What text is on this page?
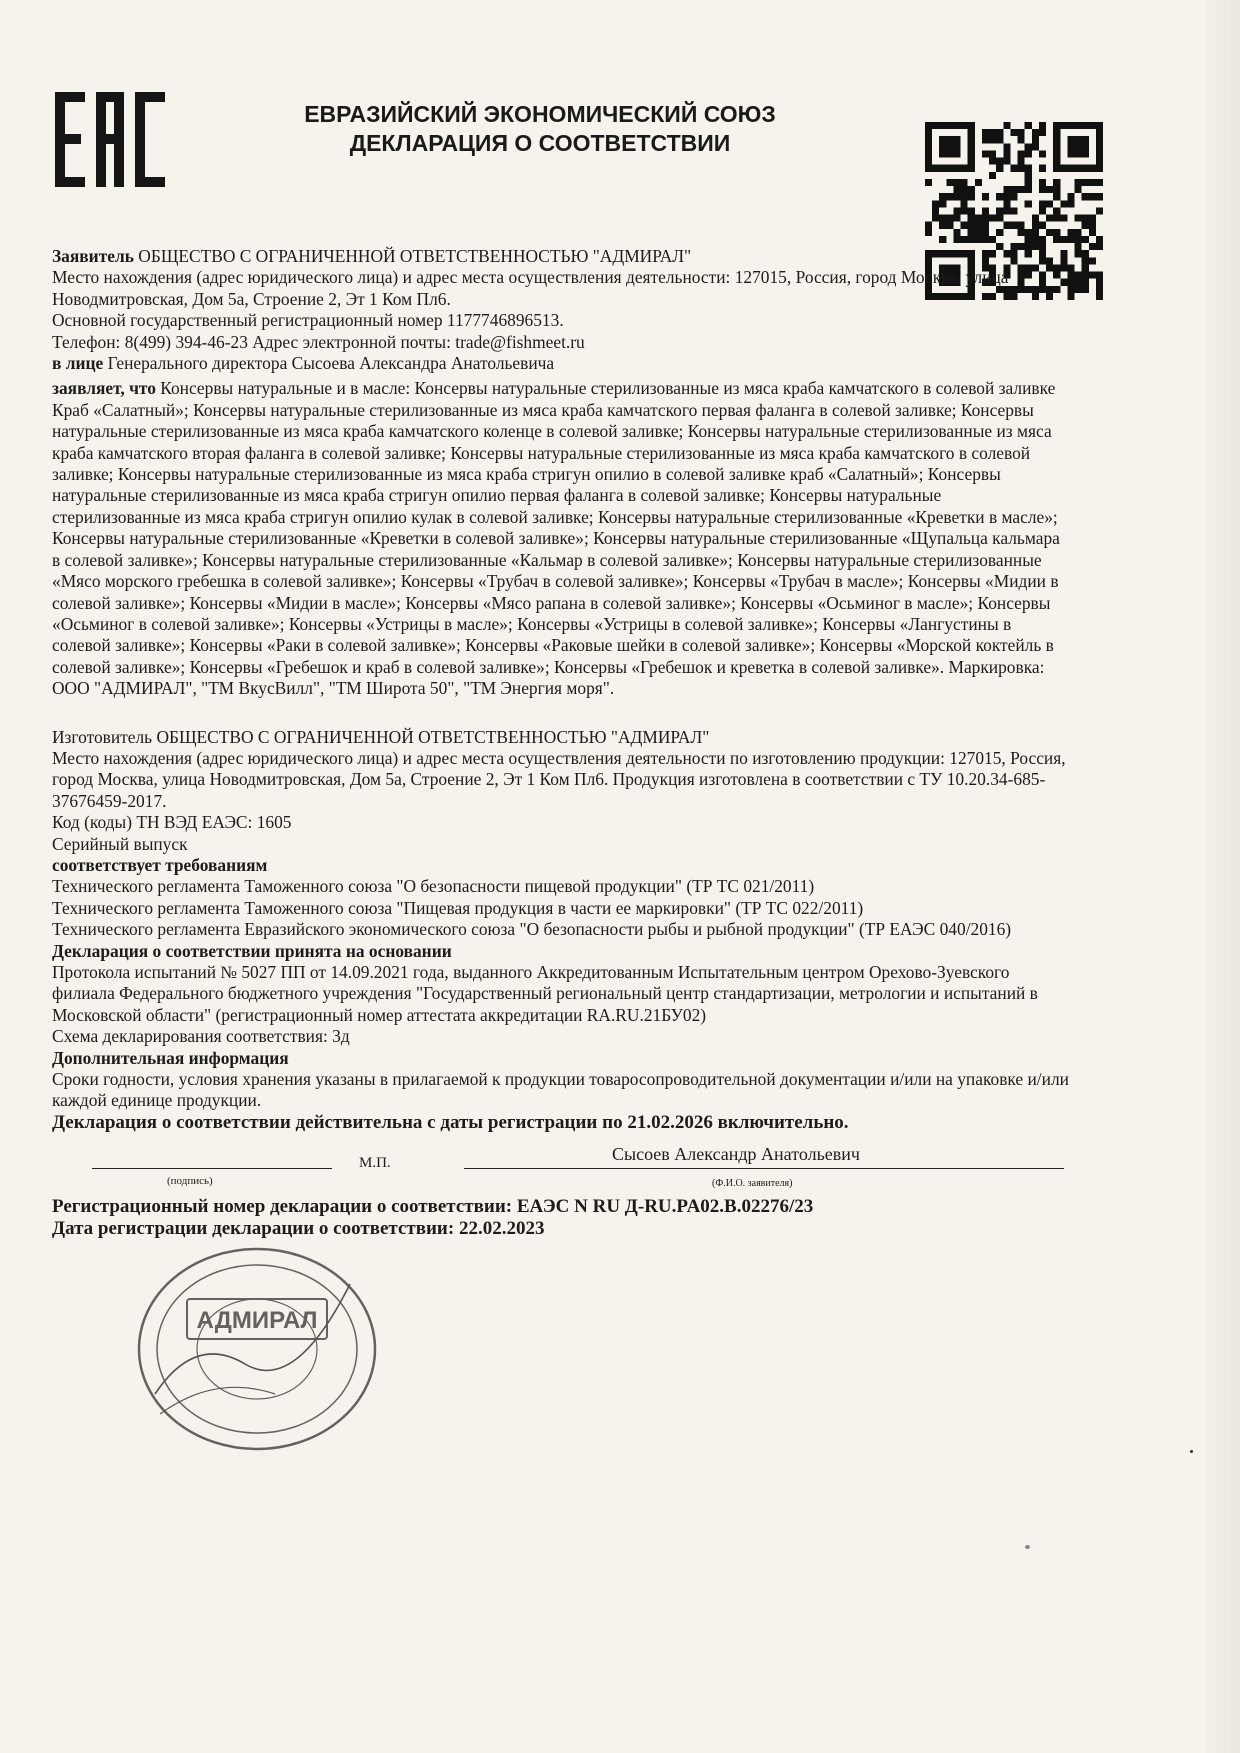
ЕВРАЗИЙСКИЙ ЭКОНОМИЧЕСКИЙ СОЮЗ
ДЕКЛАРАЦИЯ О СООТВЕТСТВИИ

Заявитель ОБЩЕСТВО С ОГРАНИЧЕННОЙ ОТВЕТСТВЕННОСТЬЮ "АДМИРАЛ"

Место нахождения (адрес юридического лица) и адрес места осуществления деятельности: 127015, Россия, город Москва, улица Новодмитровская, Дом 5а, Строение 2, Эт 1 Ком Пл6.

Основной государственный регистрационный номер 1177746896513.

Телефон: 8(499) 394-46-23 Адрес электронной почты: trade@fishmeet.ru

в лице Генерального директора Сысоева Александра Анатольевича

заявляет, что Консервы натуральные и в масле: Консервы натуральные стерилизованные из мяса краба камчатского в солевой заливке Краб «Салатный»; Консервы натуральные стерилизованные из мяса краба камчатского первая фаланга в солевой заливке; Консервы натуральные стерилизованные из мяса краба камчатского коленце в солевой заливке; Консервы натуральные стерилизованные из мяса краба камчатского вторая фаланга в солевой заливке; Консервы натуральные стерилизованные из мяса краба камчатского в солевой заливке; Консервы натуральные стерилизованные из мяса краба стригун опилио в солевой заливке краб «Салатный»; Консервы натуральные стерилизованные из мяса краба стригун опилио первая фаланга в солевой заливке; Консервы натуральные стерилизованные из мяса краба стригун опилио кулак в солевой заливке; Консервы натуральные стерилизованные «Креветки в масле»; Консервы натуральные стерилизованные «Креветки в солевой заливке»; Консервы натуральные стерилизованные «Щупальца кальмара в солевой заливке»; Консервы натуральные стерилизованные «Кальмар в солевой заливке»; Консервы натуральные стерилизованные «Мясо морского гребешка в солевой заливке»; Консервы «Трубач в солевой заливке»; Консервы «Трубач в масле»; Консервы «Мидии в солевой заливке»; Консервы «Мидии в масле»; Консервы «Мясо рапана в солевой заливке»; Консервы «Осьминог в масле»; Консервы «Осьминог в солевой заливке»; Консервы «Устрицы в масле»; Консервы «Устрицы в солевой заливке»; Консервы «Лангустины в солевой заливке»; Консервы «Раки в солевой заливке»; Консервы «Раковые шейки в солевой заливке»; Консервы «Морской коктейль в солевой заливке»; Консервы «Гребешок и краб в солевой заливке»; Консервы «Гребешок и креветка в солевой заливке». Маркировка: ООО "АДМИРАЛ", "ТМ ВкусВилл", "ТМ Широта 50", "ТМ Энергия моря".

Изготовитель ОБЩЕСТВО С ОГРАНИЧЕННОЙ ОТВЕТСТВЕННОСТЬЮ "АДМИРАЛ"

Место нахождения (адрес юридического лица) и адрес места осуществления деятельности по изготовлению продукции: 127015, Россия, город Москва, улица Новодмитровская, Дом 5а, Строение 2, Эт 1 Ком Пл6. Продукция изготовлена в соответствии с ТУ 10.20.34-685-37676459-2017.

Код (коды) ТН ВЭД ЕАЭС: 1605

Серийный выпуск

соответствует требованиям

Технического регламента Таможенного союза "О безопасности пищевой продукции" (ТР ТС 021/2011)

Технического регламента Таможенного союза "Пищевая продукция в части ее маркировки" (ТР ТС 022/2011)

Технического регламента Евразийского экономического союза "О безопасности рыбы и рыбной продукции" (ТР ЕАЭС 040/2016)

Декларация о соответствии принята на основании

Протокола испытаний № 5027 ПП от 14.09.2021 года, выданного Аккредитованным Испытательным центром Орехово-Зуевского филиала Федерального бюджетного учреждения "Государственный региональный центр стандартизации, метрологии и испытаний в Московской области" (регистрационный номер аттестата аккредитации RA.RU.21БУ02)

Схема декларирования соответствия: 3д

Дополнительная информация

Сроки годности, условия хранения указаны в прилагаемой к продукции товаросопроводительной документации и/или на упаковке и/или каждой единице продукции.

Декларация о соответствии действительна с даты регистрации по 21.02.2026 включительно.

(подпись)
М.П.	Сысоев Александр Анатольевич
(Ф.И.О. заявителя)

Регистрационный номер декларации о соответствии: ЕАЭС N RU Д-RU.PA02.B.02276/23

Дата регистрации декларации о соответствии: 22.02.2023

АДМИРАЛ
